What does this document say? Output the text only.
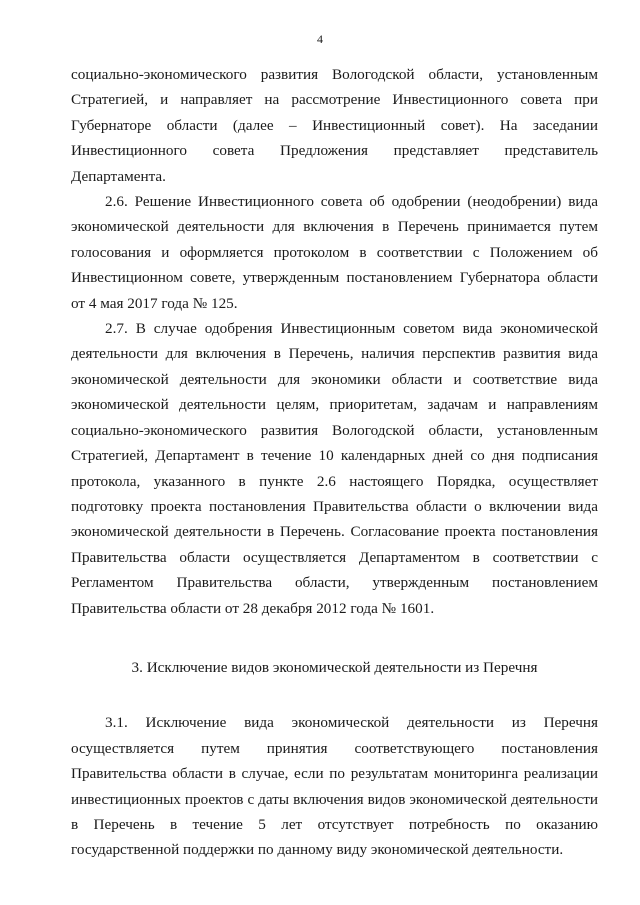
4

социально-экономического развития Вологодской области, установленным Стратегией, и направляет на рассмотрение Инвестиционного совета при Губернаторе области (далее – Инвестиционный совет). На заседании Инвестиционного совета Предложения представляет представитель Департамента.

2.6. Решение Инвестиционного совета об одобрении (неодобрении) вида экономической деятельности для включения в Перечень принимается путем голосования и оформляется протоколом в соответствии с Положением об Инвестиционном совете, утвержденным постановлением Губернатора области от 4 мая 2017 года № 125.

2.7. В случае одобрения Инвестиционным советом вида экономической деятельности для включения в Перечень, наличия перспектив развития вида экономической деятельности для экономики области и соответствие вида экономической деятельности целям, приоритетам, задачам и направлениям социально-экономического развития Вологодской области, установленным Стратегией, Департамент в течение 10 календарных дней со дня подписания протокола, указанного в пункте 2.6 настоящего Порядка, осуществляет подготовку проекта постановления Правительства области о включении вида экономической деятельности в Перечень. Согласование проекта постановления Правительства области осуществляется Департаментом в соответствии с Регламентом Правительства области, утвержденным постановлением Правительства области от 28 декабря 2012 года № 1601.

3. Исключение видов экономической деятельности из Перечня

3.1. Исключение вида экономической деятельности из Перечня осуществляется путем принятия соответствующего постановления Правительства области в случае, если по результатам мониторинга реализации инвестиционных проектов с даты включения видов экономической деятельности в Перечень в течение 5 лет отсутствует потребность по оказанию государственной поддержки по данному виду экономической деятельности.
